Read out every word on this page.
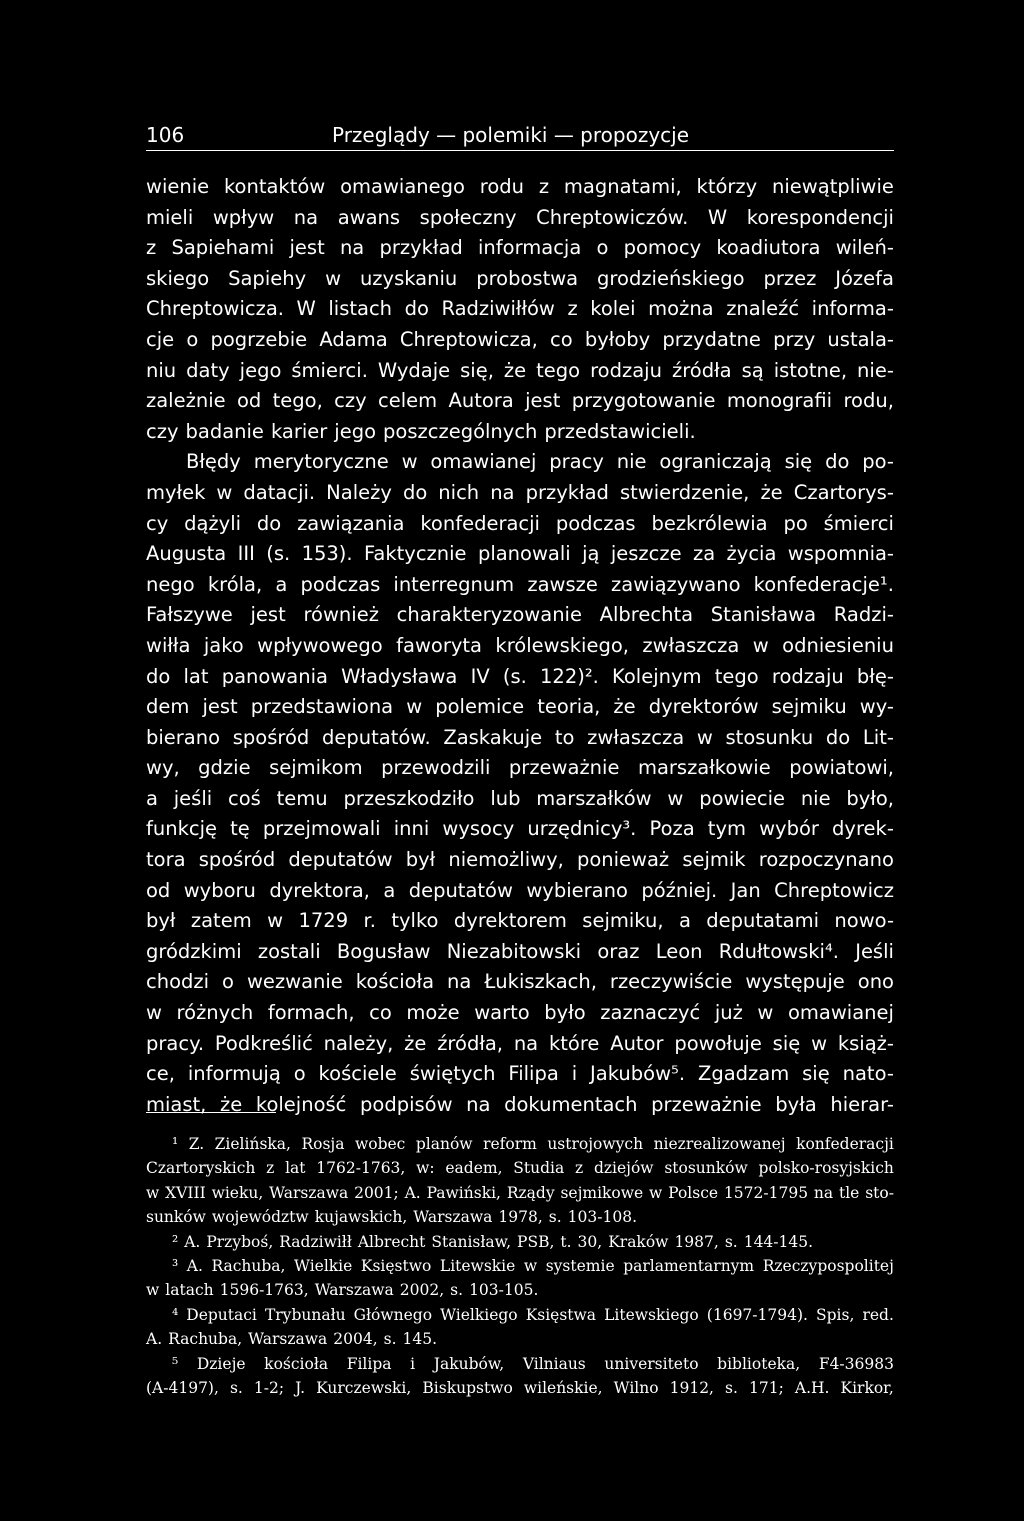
106	Przeglądy — polemiki — propozycje
wienie kontaktów omawianego rodu z magnatami, którzy niewątpliwie
mieli wpływ na awans społeczny Chreptowiczów. W korespondencji
z Sapiehami jest na przykład informacja o pomocy koadiutora wileń-
skiego Sapiehy w uzyskaniu probostwa grodzieńskiego przez Józefa
Chreptowicza. W listach do Radziwiłłów z kolei można znaleźć informa-
cje o pogrzebie Adama Chreptowicza, co byłoby przydatne przy ustala-
niu daty jego śmierci. Wydaje się, że tego rodzaju źródła są istotne, nie-
zależnie od tego, czy celem Autora jest przygotowanie monografii rodu,
czy badanie karier jego poszczególnych przedstawicieli.
Błędy merytoryczne w omawianej pracy nie ograniczają się do po-
myłek w datacji. Należy do nich na przykład stwierdzenie, że Czartorys-
cy dążyli do zawiązania konfederacji podczas bezkrólewia po śmierci
Augusta III (s. 153). Faktycznie planowali ją jeszcze za życia wspomnia-
nego króla, a podczas interregnum zawsze zawiązywano konfederacje¹.
Fałszywe jest również charakteryzowanie Albrechta Stanisława Radzi-
wiłła jako wpływowego faworyta królewskiego, zwłaszcza w odniesieniu
do lat panowania Władysława IV (s. 122)². Kolejnym tego rodzaju błę-
dem jest przedstawiona w polemice teoria, że dyrektorów sejmiku wy-
bierano spośród deputatów. Zaskakuje to zwłaszcza w stosunku do Lit-
wy, gdzie sejmikom przewodzili przeważnie marszałkowie powiatowi,
a jeśli coś temu przeszkodziło lub marszałków w powiecie nie było,
funkcję tę przejmowali inni wysocy urzędnicy³. Poza tym wybór dyrek-
tora spośród deputatów był niemożliwy, ponieważ sejmik rozpoczynano
od wyboru dyrektora, a deputatów wybierano później. Jan Chreptowicz
był zatem w 1729 r. tylko dyrektorem sejmiku, a deputatami nowo-
gródzkimi zostali Bogusław Niezabitowski oraz Leon Rdułtowski⁴. Jeśli
chodzi o wezwanie kościoła na Łukiszkach, rzeczywiście występuje ono
w różnych formach, co może warto było zaznaczyć już w omawianej
pracy. Podkreślić należy, że źródła, na które Autor powołuje się w książ-
ce, informują o kościele świętych Filipa i Jakubów⁵. Zgadzam się nato-
miast, że kolejność podpisów na dokumentach przeważnie była hierar-
¹ Z. Zielińska, Rosja wobec planów reform ustrojowych niezrealizowanej konfederacji
Czartoryskich z lat 1762-1763, w: eadem, Studia z dziejów stosunków polsko-rosyjskich
w XVIII wieku, Warszawa 2001; A. Pawiński, Rządy sejmikowe w Polsce 1572-1795 na tle sto-
sunków województw kujawskich, Warszawa 1978, s. 103-108.
² A. Przyboś, Radziwiłł Albrecht Stanisław, PSB, t. 30, Kraków 1987, s. 144-145.
³ A. Rachuba, Wielkie Księstwo Litewskie w systemie parlamentarnym Rzeczypospolitej
w latach 1596-1763, Warszawa 2002, s. 103-105.
⁴ Deputaci Trybunału Głównego Wielkiego Księstwa Litewskiego (1697-1794). Spis, red.
A. Rachuba, Warszawa 2004, s. 145.
⁵ Dzieje kościoła Filipa i Jakubów, Vilniaus universiteto biblioteka, F4-36983
(A-4197), s. 1-2; J. Kurczewski, Biskupstwo wileńskie, Wilno 1912, s. 171; A.H. Kirkor,
